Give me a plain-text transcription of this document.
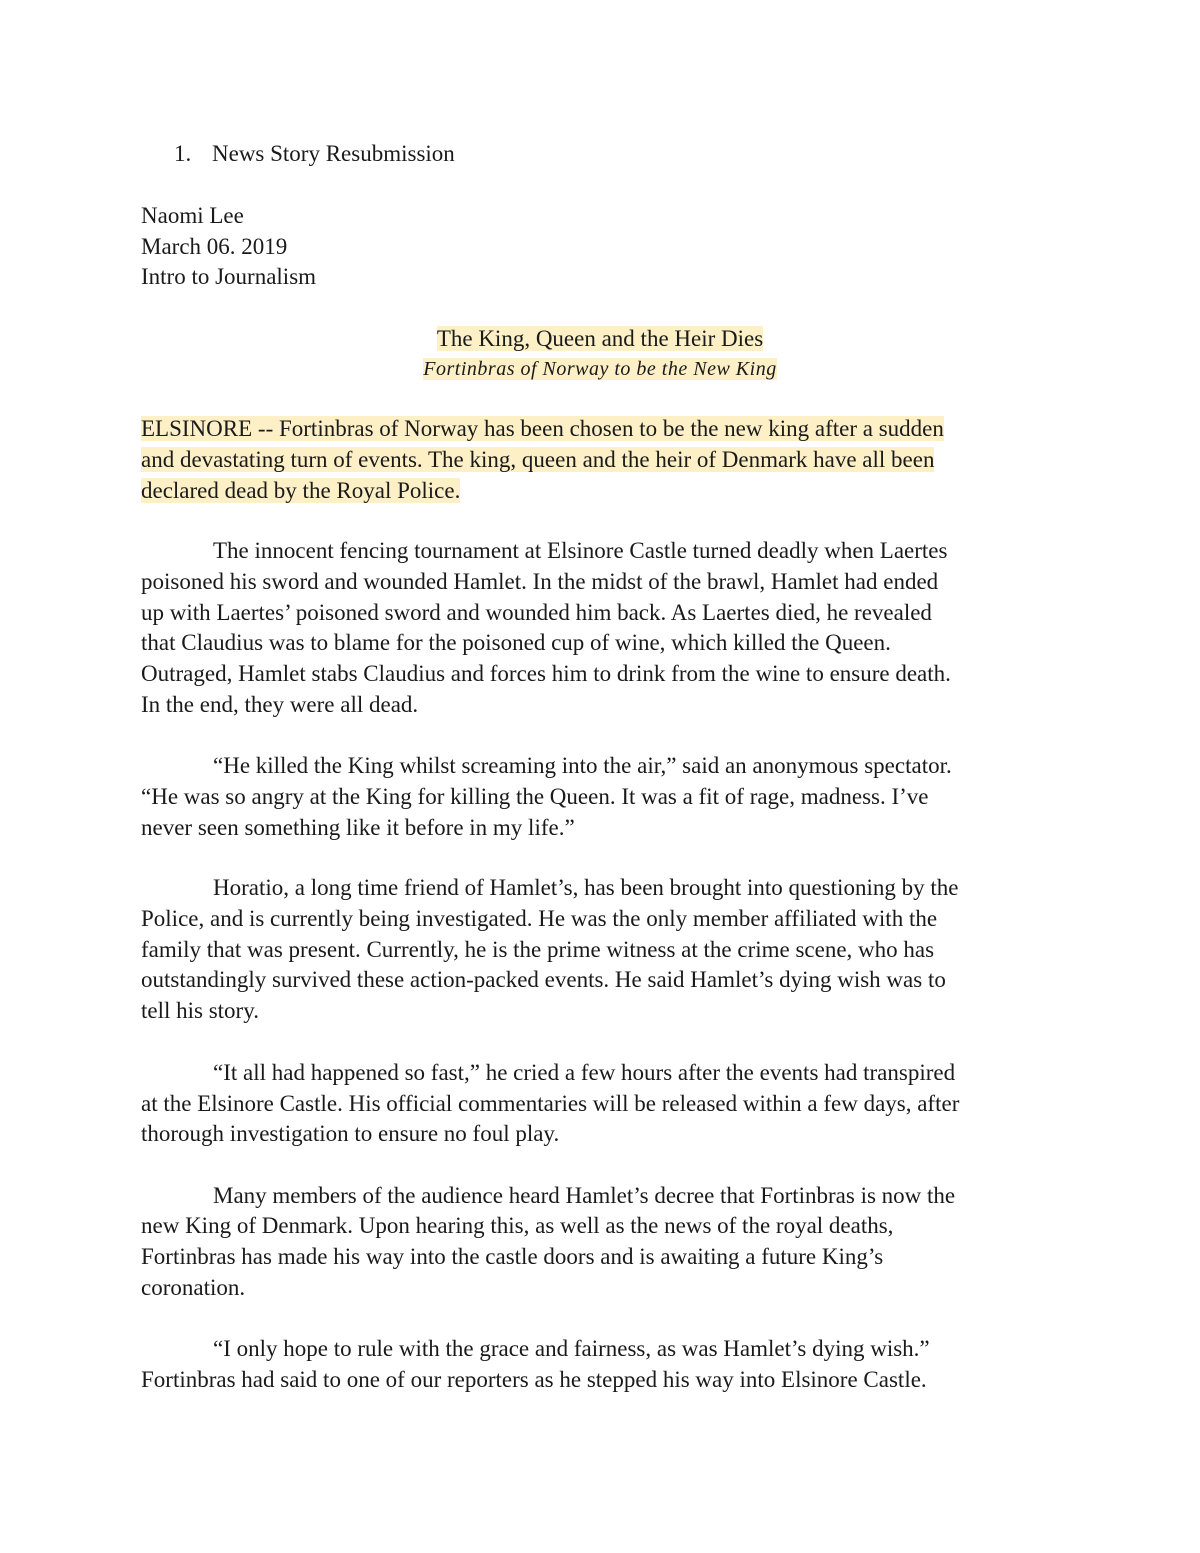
1. News Story Resubmission
Naomi Lee
March 06. 2019
Intro to Journalism
The King, Queen and the Heir Dies
Fortinbras of Norway to be the New King
ELSINORE -- Fortinbras of Norway has been chosen to be the new king after a sudden
and devastating turn of events. The king, queen and the heir of Denmark have all been
declared dead by the Royal Police.
The innocent fencing tournament at Elsinore Castle turned deadly when Laertes
poisoned his sword and wounded Hamlet. In the midst of the brawl, Hamlet had ended
up with Laertes’ poisoned sword and wounded him back. As Laertes died, he revealed
that Claudius was to blame for the poisoned cup of wine, which killed the Queen.
Outraged, Hamlet stabs Claudius and forces him to drink from the wine to ensure death.
In the end, they were all dead.
“He killed the King whilst screaming into the air,” said an anonymous spectator.
“He was so angry at the King for killing the Queen. It was a fit of rage, madness. I’ve
never seen something like it before in my life.”
Horatio, a long time friend of Hamlet’s, has been brought into questioning by the
Police, and is currently being investigated. He was the only member affiliated with the
family that was present. Currently, he is the prime witness at the crime scene, who has
outstandingly survived these action-packed events. He said Hamlet’s dying wish was to
tell his story.
“It all had happened so fast,” he cried a few hours after the events had transpired
at the Elsinore Castle. His official commentaries will be released within a few days, after
thorough investigation to ensure no foul play.
Many members of the audience heard Hamlet’s decree that Fortinbras is now the
new King of Denmark. Upon hearing this, as well as the news of the royal deaths,
Fortinbras has made his way into the castle doors and is awaiting a future King’s
coronation.
“I only hope to rule with the grace and fairness, as was Hamlet’s dying wish.”
Fortinbras had said to one of our reporters as he stepped his way into Elsinore Castle.
